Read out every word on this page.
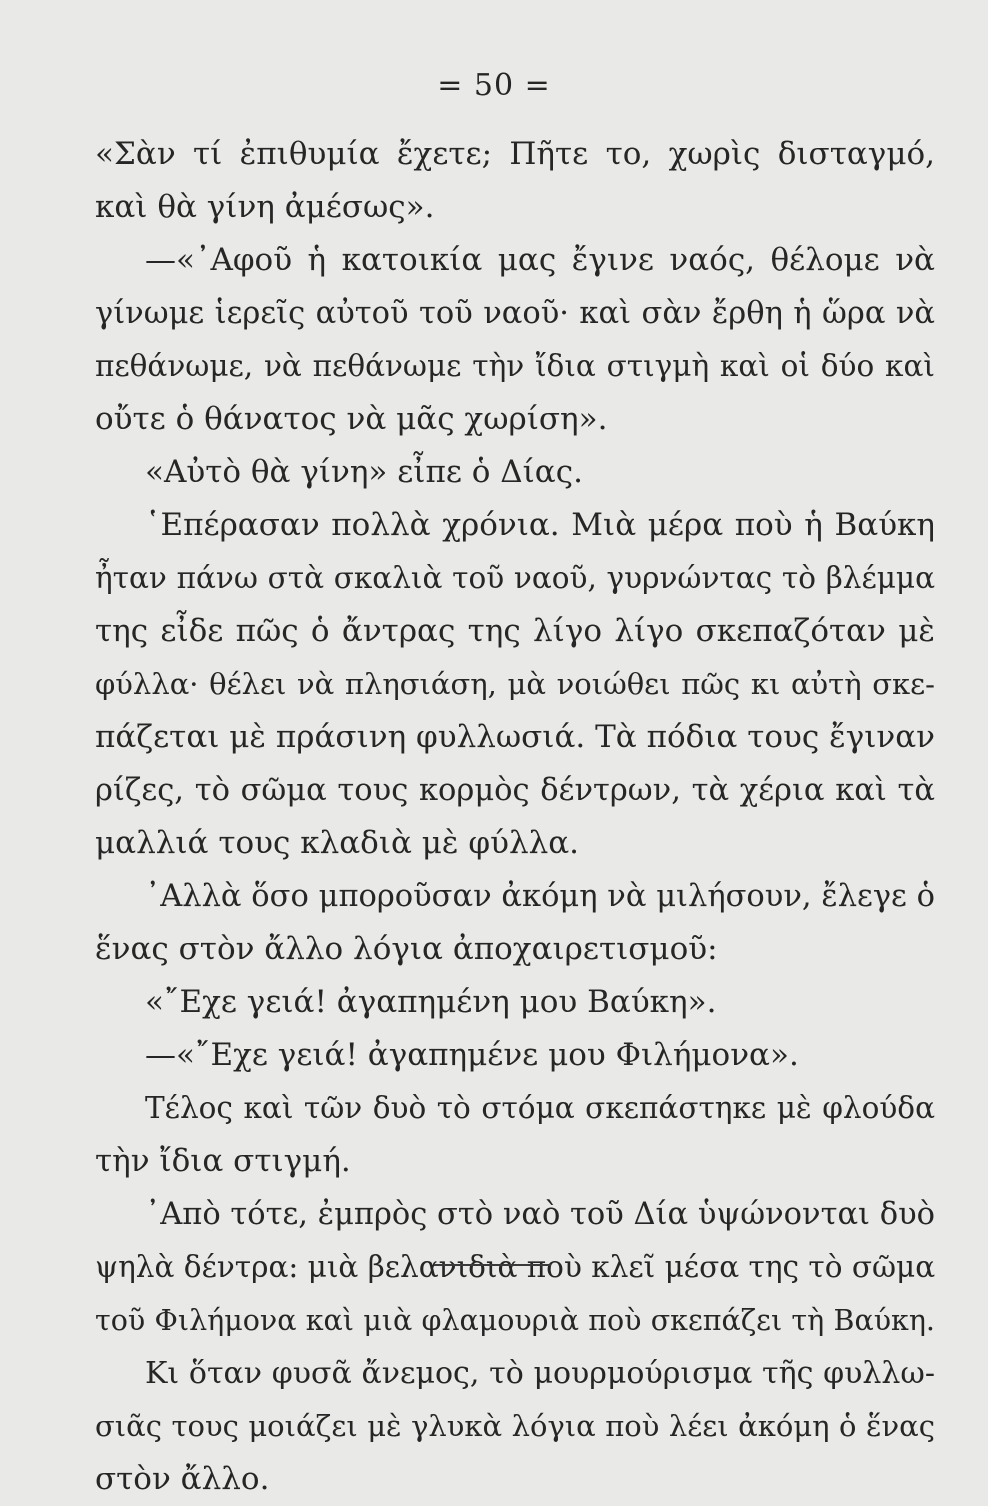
= 50 =
«Σὰν τί ἐπιθυμία ἔχετε; Πῆτε το, χωρὶς δισταγμό,
καὶ θὰ γίνη ἀμέσως».
—«᾿Αφοῦ ἡ κατοικία μας ἔγινε ναός, θέλομε νὰ
γίνωμε ἱερεῖς αὐτοῦ τοῦ ναοῦ· καὶ σὰν ἔρθη ἡ ὥρα νὰ
πεθάνωμε, νὰ πεθάνωμε τὴν ἴδια στιγμὴ καὶ οἱ δύο καὶ
οὔτε ὁ θάνατος νὰ μᾶς χωρίση».
«Αὐτὸ θὰ γίνη» εἶπε ὁ Δίας.
῾Επέρασαν πολλὰ χρόνια. Μιὰ μέρα ποὺ ἡ Βαύκη
ἦταν πάνω στὰ σκαλιὰ τοῦ ναοῦ, γυρνώντας τὸ βλέμμα
της εἶδε πῶς ὁ ἄντρας της λίγο λίγο σκεπαζόταν μὲ
φύλλα· θέλει νὰ πλησιάση, μὰ νοιώθει πῶς κι αὐτὴ σκε-
πάζεται μὲ πράσινη φυλλωσιά. Τὰ πόδια τους ἔγιναν
ρίζες, τὸ σῶμα τους κορμὸς δέντρων, τὰ χέρια καὶ τὰ
μαλλιά τους κλαδιὰ μὲ φύλλα.
᾿Αλλὰ ὅσο μποροῦσαν ἀκόμη νὰ μιλήσουν, ἔλεγε ὁ
ἕνας στὸν ἄλλο λόγια ἀποχαιρετισμοῦ:
«῎Εχε γειά! ἀγαπημένη μου Βαύκη».
—«῎Εχε γειά! ἀγαπημένε μου Φιλήμονα».
Τέλος καὶ τῶν δυὸ τὸ στόμα σκεπάστηκε μὲ φλούδα
τὴν ἴδια στιγμή.
᾿Απὸ τότε, ἐμπρὸς στὸ ναὸ τοῦ Δία ὑψώνονται δυὸ
ψηλὰ δέντρα: μιὰ βελανιδιὰ ποὺ κλεῖ μέσα της τὸ σῶμα
τοῦ Φιλήμονα καὶ μιὰ φλαμουριὰ ποὺ σκεπάζει τὴ Βαύκη.
Κι ὅταν φυσᾶ ἄνεμος, τὸ μουρμούρισμα τῆς φυλλω-
σιᾶς τους μοιάζει μὲ γλυκὰ λόγια ποὺ λέει ἀκόμη ὁ ἕνας
στὸν ἄλλο.
